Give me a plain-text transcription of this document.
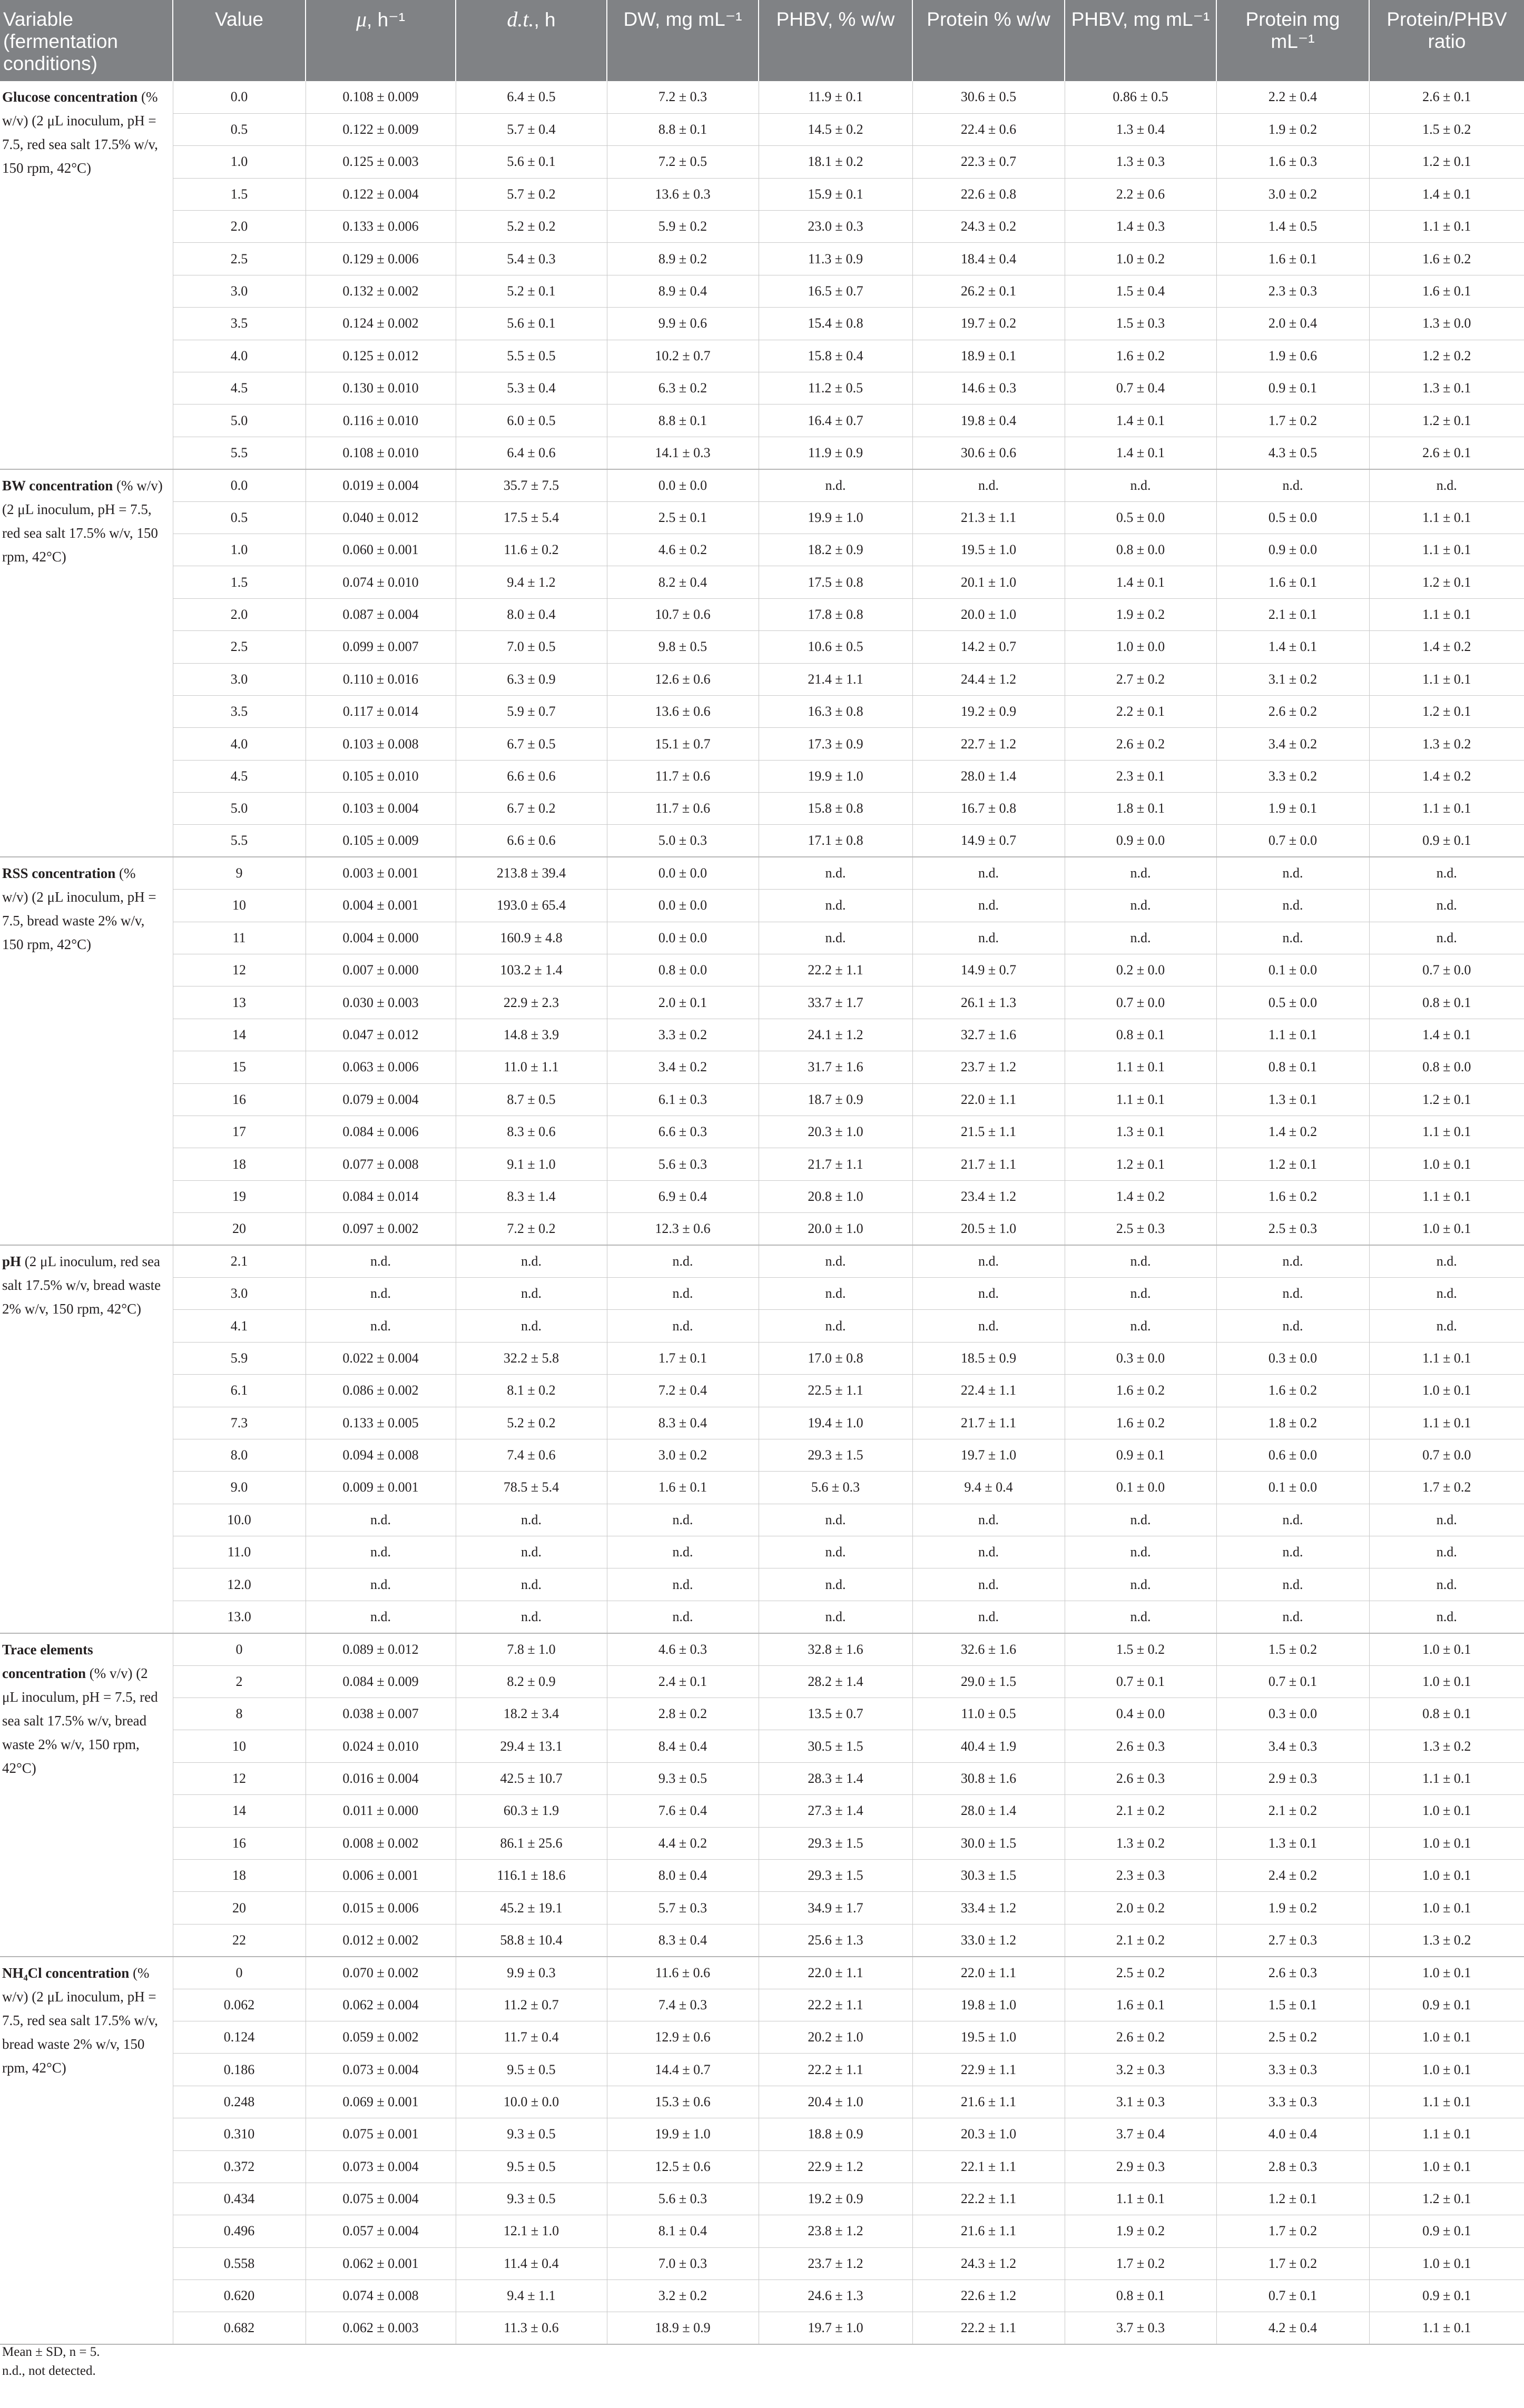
Variable (fermentation conditions)	Value	μ, h⁻¹	d.t., h	DW, mg mL⁻¹	PHBV, % w/w	Protein % w/w	PHBV, mg mL⁻¹	Protein mg mL⁻¹	Protein/PHBV ratio
Glucose concentration (% w/v) (2 μL inoculum, pH = 7.5, red sea salt 17.5% w/v, 150 rpm, 42°C)	0.0	0.108 ± 0.009	6.4 ± 0.5	7.2 ± 0.3	11.9 ± 0.1	30.6 ± 0.5	0.86 ± 0.5	2.2 ± 0.4	2.6 ± 0.1
	0.5	0.122 ± 0.009	5.7 ± 0.4	8.8 ± 0.1	14.5 ± 0.2	22.4 ± 0.6	1.3 ± 0.4	1.9 ± 0.2	1.5 ± 0.2
	1.0	0.125 ± 0.003	5.6 ± 0.1	7.2 ± 0.5	18.1 ± 0.2	22.3 ± 0.7	1.3 ± 0.3	1.6 ± 0.3	1.2 ± 0.1
	1.5	0.122 ± 0.004	5.7 ± 0.2	13.6 ± 0.3	15.9 ± 0.1	22.6 ± 0.8	2.2 ± 0.6	3.0 ± 0.2	1.4 ± 0.1
	2.0	0.133 ± 0.006	5.2 ± 0.2	5.9 ± 0.2	23.0 ± 0.3	24.3 ± 0.2	1.4 ± 0.3	1.4 ± 0.5	1.1 ± 0.1
	2.5	0.129 ± 0.006	5.4 ± 0.3	8.9 ± 0.2	11.3 ± 0.9	18.4 ± 0.4	1.0 ± 0.2	1.6 ± 0.1	1.6 ± 0.2
	3.0	0.132 ± 0.002	5.2 ± 0.1	8.9 ± 0.4	16.5 ± 0.7	26.2 ± 0.1	1.5 ± 0.4	2.3 ± 0.3	1.6 ± 0.1
	3.5	0.124 ± 0.002	5.6 ± 0.1	9.9 ± 0.6	15.4 ± 0.8	19.7 ± 0.2	1.5 ± 0.3	2.0 ± 0.4	1.3 ± 0.0
	4.0	0.125 ± 0.012	5.5 ± 0.5	10.2 ± 0.7	15.8 ± 0.4	18.9 ± 0.1	1.6 ± 0.2	1.9 ± 0.6	1.2 ± 0.2
	4.5	0.130 ± 0.010	5.3 ± 0.4	6.3 ± 0.2	11.2 ± 0.5	14.6 ± 0.3	0.7 ± 0.4	0.9 ± 0.1	1.3 ± 0.1
	5.0	0.116 ± 0.010	6.0 ± 0.5	8.8 ± 0.1	16.4 ± 0.7	19.8 ± 0.4	1.4 ± 0.1	1.7 ± 0.2	1.2 ± 0.1
	5.5	0.108 ± 0.010	6.4 ± 0.6	14.1 ± 0.3	11.9 ± 0.9	30.6 ± 0.6	1.4 ± 0.1	4.3 ± 0.5	2.6 ± 0.1
BW concentration (% w/v) (2 μL inoculum, pH = 7.5, red sea salt 17.5% w/v, 150 rpm, 42°C)	0.0	0.019 ± 0.004	35.7 ± 7.5	0.0 ± 0.0	n.d.	n.d.	n.d.	n.d.	n.d.
	0.5	0.040 ± 0.012	17.5 ± 5.4	2.5 ± 0.1	19.9 ± 1.0	21.3 ± 1.1	0.5 ± 0.0	0.5 ± 0.0	1.1 ± 0.1
	1.0	0.060 ± 0.001	11.6 ± 0.2	4.6 ± 0.2	18.2 ± 0.9	19.5 ± 1.0	0.8 ± 0.0	0.9 ± 0.0	1.1 ± 0.1
	1.5	0.074 ± 0.010	9.4 ± 1.2	8.2 ± 0.4	17.5 ± 0.8	20.1 ± 1.0	1.4 ± 0.1	1.6 ± 0.1	1.2 ± 0.1
	2.0	0.087 ± 0.004	8.0 ± 0.4	10.7 ± 0.6	17.8 ± 0.8	20.0 ± 1.0	1.9 ± 0.2	2.1 ± 0.1	1.1 ± 0.1
	2.5	0.099 ± 0.007	7.0 ± 0.5	9.8 ± 0.5	10.6 ± 0.5	14.2 ± 0.7	1.0 ± 0.0	1.4 ± 0.1	1.4 ± 0.2
	3.0	0.110 ± 0.016	6.3 ± 0.9	12.6 ± 0.6	21.4 ± 1.1	24.4 ± 1.2	2.7 ± 0.2	3.1 ± 0.2	1.1 ± 0.1
	3.5	0.117 ± 0.014	5.9 ± 0.7	13.6 ± 0.6	16.3 ± 0.8	19.2 ± 0.9	2.2 ± 0.1	2.6 ± 0.2	1.2 ± 0.1
	4.0	0.103 ± 0.008	6.7 ± 0.5	15.1 ± 0.7	17.3 ± 0.9	22.7 ± 1.2	2.6 ± 0.2	3.4 ± 0.2	1.3 ± 0.2
	4.5	0.105 ± 0.010	6.6 ± 0.6	11.7 ± 0.6	19.9 ± 1.0	28.0 ± 1.4	2.3 ± 0.1	3.3 ± 0.2	1.4 ± 0.2
	5.0	0.103 ± 0.004	6.7 ± 0.2	11.7 ± 0.6	15.8 ± 0.8	16.7 ± 0.8	1.8 ± 0.1	1.9 ± 0.1	1.1 ± 0.1
	5.5	0.105 ± 0.009	6.6 ± 0.6	5.0 ± 0.3	17.1 ± 0.8	14.9 ± 0.7	0.9 ± 0.0	0.7 ± 0.0	0.9 ± 0.1
RSS concentration (% w/v) (2 μL inoculum, pH = 7.5, bread waste 2% w/v, 150 rpm, 42°C)	9	0.003 ± 0.001	213.8 ± 39.4	0.0 ± 0.0	n.d.	n.d.	n.d.	n.d.	n.d.
	10	0.004 ± 0.001	193.0 ± 65.4	0.0 ± 0.0	n.d.	n.d.	n.d.	n.d.	n.d.
	11	0.004 ± 0.000	160.9 ± 4.8	0.0 ± 0.0	n.d.	n.d.	n.d.	n.d.	n.d.
	12	0.007 ± 0.000	103.2 ± 1.4	0.8 ± 0.0	22.2 ± 1.1	14.9 ± 0.7	0.2 ± 0.0	0.1 ± 0.0	0.7 ± 0.0
	13	0.030 ± 0.003	22.9 ± 2.3	2.0 ± 0.1	33.7 ± 1.7	26.1 ± 1.3	0.7 ± 0.0	0.5 ± 0.0	0.8 ± 0.1
	14	0.047 ± 0.012	14.8 ± 3.9	3.3 ± 0.2	24.1 ± 1.2	32.7 ± 1.6	0.8 ± 0.1	1.1 ± 0.1	1.4 ± 0.1
	15	0.063 ± 0.006	11.0 ± 1.1	3.4 ± 0.2	31.7 ± 1.6	23.7 ± 1.2	1.1 ± 0.1	0.8 ± 0.1	0.8 ± 0.0
	16	0.079 ± 0.004	8.7 ± 0.5	6.1 ± 0.3	18.7 ± 0.9	22.0 ± 1.1	1.1 ± 0.1	1.3 ± 0.1	1.2 ± 0.1
	17	0.084 ± 0.006	8.3 ± 0.6	6.6 ± 0.3	20.3 ± 1.0	21.5 ± 1.1	1.3 ± 0.1	1.4 ± 0.2	1.1 ± 0.1
	18	0.077 ± 0.008	9.1 ± 1.0	5.6 ± 0.3	21.7 ± 1.1	21.7 ± 1.1	1.2 ± 0.1	1.2 ± 0.1	1.0 ± 0.1
	19	0.084 ± 0.014	8.3 ± 1.4	6.9 ± 0.4	20.8 ± 1.0	23.4 ± 1.2	1.4 ± 0.2	1.6 ± 0.2	1.1 ± 0.1
	20	0.097 ± 0.002	7.2 ± 0.2	12.3 ± 0.6	20.0 ± 1.0	20.5 ± 1.0	2.5 ± 0.3	2.5 ± 0.3	1.0 ± 0.1
pH (2 μL inoculum, red sea salt 17.5% w/v, bread waste 2% w/v, 150 rpm, 42°C)	2.1	n.d.	n.d.	n.d.	n.d.	n.d.	n.d.	n.d.	n.d.
	3.0	n.d.	n.d.	n.d.	n.d.	n.d.	n.d.	n.d.	n.d.
	4.1	n.d.	n.d.	n.d.	n.d.	n.d.	n.d.	n.d.	n.d.
	5.9	0.022 ± 0.004	32.2 ± 5.8	1.7 ± 0.1	17.0 ± 0.8	18.5 ± 0.9	0.3 ± 0.0	0.3 ± 0.0	1.1 ± 0.1
	6.1	0.086 ± 0.002	8.1 ± 0.2	7.2 ± 0.4	22.5 ± 1.1	22.4 ± 1.1	1.6 ± 0.2	1.6 ± 0.2	1.0 ± 0.1
	7.3	0.133 ± 0.005	5.2 ± 0.2	8.3 ± 0.4	19.4 ± 1.0	21.7 ± 1.1	1.6 ± 0.2	1.8 ± 0.2	1.1 ± 0.1
	8.0	0.094 ± 0.008	7.4 ± 0.6	3.0 ± 0.2	29.3 ± 1.5	19.7 ± 1.0	0.9 ± 0.1	0.6 ± 0.0	0.7 ± 0.0
	9.0	0.009 ± 0.001	78.5 ± 5.4	1.6 ± 0.1	5.6 ± 0.3	9.4 ± 0.4	0.1 ± 0.0	0.1 ± 0.0	1.7 ± 0.2
	10.0	n.d.	n.d.	n.d.	n.d.	n.d.	n.d.	n.d.	n.d.
	11.0	n.d.	n.d.	n.d.	n.d.	n.d.	n.d.	n.d.	n.d.
	12.0	n.d.	n.d.	n.d.	n.d.	n.d.	n.d.	n.d.	n.d.
	13.0	n.d.	n.d.	n.d.	n.d.	n.d.	n.d.	n.d.	n.d.
Trace elements concentration (% v/v) (2 μL inoculum, pH = 7.5, red sea salt 17.5% w/v, bread waste 2% w/v, 150 rpm, 42°C)	0	0.089 ± 0.012	7.8 ± 1.0	4.6 ± 0.3	32.8 ± 1.6	32.6 ± 1.6	1.5 ± 0.2	1.5 ± 0.2	1.0 ± 0.1
	2	0.084 ± 0.009	8.2 ± 0.9	2.4 ± 0.1	28.2 ± 1.4	29.0 ± 1.5	0.7 ± 0.1	0.7 ± 0.1	1.0 ± 0.1
	8	0.038 ± 0.007	18.2 ± 3.4	2.8 ± 0.2	13.5 ± 0.7	11.0 ± 0.5	0.4 ± 0.0	0.3 ± 0.0	0.8 ± 0.1
	10	0.024 ± 0.010	29.4 ± 13.1	8.4 ± 0.4	30.5 ± 1.5	40.4 ± 1.9	2.6 ± 0.3	3.4 ± 0.3	1.3 ± 0.2
	12	0.016 ± 0.004	42.5 ± 10.7	9.3 ± 0.5	28.3 ± 1.4	30.8 ± 1.6	2.6 ± 0.3	2.9 ± 0.3	1.1 ± 0.1
	14	0.011 ± 0.000	60.3 ± 1.9	7.6 ± 0.4	27.3 ± 1.4	28.0 ± 1.4	2.1 ± 0.2	2.1 ± 0.2	1.0 ± 0.1
	16	0.008 ± 0.002	86.1 ± 25.6	4.4 ± 0.2	29.3 ± 1.5	30.0 ± 1.5	1.3 ± 0.2	1.3 ± 0.1	1.0 ± 0.1
	18	0.006 ± 0.001	116.1 ± 18.6	8.0 ± 0.4	29.3 ± 1.5	30.3 ± 1.5	2.3 ± 0.3	2.4 ± 0.2	1.0 ± 0.1
	20	0.015 ± 0.006	45.2 ± 19.1	5.7 ± 0.3	34.9 ± 1.7	33.4 ± 1.2	2.0 ± 0.2	1.9 ± 0.2	1.0 ± 0.1
	22	0.012 ± 0.002	58.8 ± 10.4	8.3 ± 0.4	25.6 ± 1.3	33.0 ± 1.2	2.1 ± 0.2	2.7 ± 0.3	1.3 ± 0.2
NH₄Cl concentration (% w/v) (2 μL inoculum, pH = 7.5, red sea salt 17.5% w/v, bread waste 2% w/v, 150 rpm, 42°C)	0	0.070 ± 0.002	9.9 ± 0.3	11.6 ± 0.6	22.0 ± 1.1	22.0 ± 1.1	2.5 ± 0.2	2.6 ± 0.3	1.0 ± 0.1
	0.062	0.062 ± 0.004	11.2 ± 0.7	7.4 ± 0.3	22.2 ± 1.1	19.8 ± 1.0	1.6 ± 0.1	1.5 ± 0.1	0.9 ± 0.1
	0.124	0.059 ± 0.002	11.7 ± 0.4	12.9 ± 0.6	20.2 ± 1.0	19.5 ± 1.0	2.6 ± 0.2	2.5 ± 0.2	1.0 ± 0.1
	0.186	0.073 ± 0.004	9.5 ± 0.5	14.4 ± 0.7	22.2 ± 1.1	22.9 ± 1.1	3.2 ± 0.3	3.3 ± 0.3	1.0 ± 0.1
	0.248	0.069 ± 0.001	10.0 ± 0.0	15.3 ± 0.6	20.4 ± 1.0	21.6 ± 1.1	3.1 ± 0.3	3.3 ± 0.3	1.1 ± 0.1
	0.310	0.075 ± 0.001	9.3 ± 0.5	19.9 ± 1.0	18.8 ± 0.9	20.3 ± 1.0	3.7 ± 0.4	4.0 ± 0.4	1.1 ± 0.1
	0.372	0.073 ± 0.004	9.5 ± 0.5	12.5 ± 0.6	22.9 ± 1.2	22.1 ± 1.1	2.9 ± 0.3	2.8 ± 0.3	1.0 ± 0.1
	0.434	0.075 ± 0.004	9.3 ± 0.5	5.6 ± 0.3	19.2 ± 0.9	22.2 ± 1.1	1.1 ± 0.1	1.2 ± 0.1	1.2 ± 0.1
	0.496	0.057 ± 0.004	12.1 ± 1.0	8.1 ± 0.4	23.8 ± 1.2	21.6 ± 1.1	1.9 ± 0.2	1.7 ± 0.2	0.9 ± 0.1
	0.558	0.062 ± 0.001	11.4 ± 0.4	7.0 ± 0.3	23.7 ± 1.2	24.3 ± 1.2	1.7 ± 0.2	1.7 ± 0.2	1.0 ± 0.1
	0.620	0.074 ± 0.008	9.4 ± 1.1	3.2 ± 0.2	24.6 ± 1.3	22.6 ± 1.2	0.8 ± 0.1	0.7 ± 0.1	0.9 ± 0.1
	0.682	0.062 ± 0.003	11.3 ± 0.6	18.9 ± 0.9	19.7 ± 1.0	22.2 ± 1.1	3.7 ± 0.3	4.2 ± 0.4	1.1 ± 0.1
Mean ± SD, n = 5.
n.d., not detected.
